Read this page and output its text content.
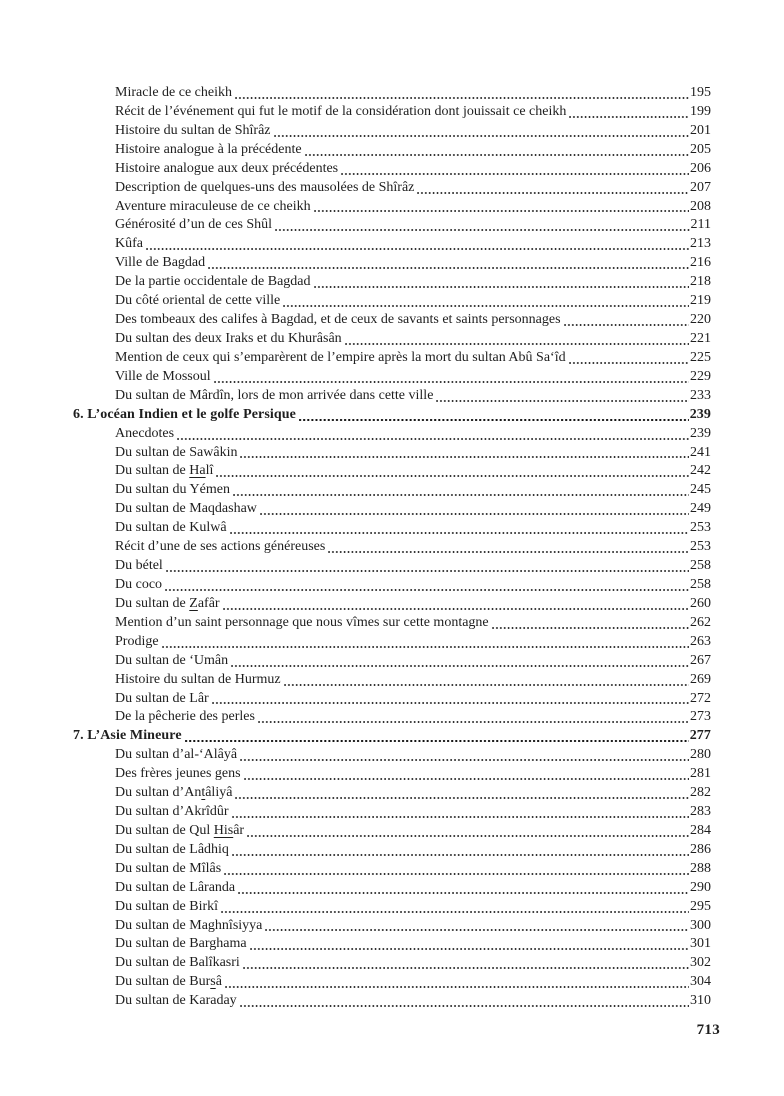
Miracle de ce cheikh	195
Récit de l’événement qui fut le motif de la considération dont jouissait ce cheikh	199
Histoire du sultan de Shîrâz	201
Histoire analogue à la précédente	205
Histoire analogue aux deux précédentes	206
Description de quelques-uns des mausolées de Shîrâz	207
Aventure miraculeuse de ce cheikh	208
Générosité d’un de ces Shûl	211
Kûfa	213
Ville de Bagdad	216
De la partie occidentale de Bagdad	218
Du côté oriental de cette ville	219
Des tombeaux des califes à Bagdad, et de ceux de savants et saints personnages	220
Du sultan des deux Iraks et du Khurâsân	221
Mention de ceux qui s’emparèrent de l’empire après la mort du sultan Abû Sa‘îd	225
Ville de Mossoul	229
Du sultan de Mârdîn, lors de mon arrivée dans cette ville	233
6. L’océan Indien et le golfe Persique	239
Anecdotes	239
Du sultan de Sawâkin	241
Du sultan de Halî	242
Du sultan du Yémen	245
Du sultan de Maqdashaw	249
Du sultan de Kulwâ	253
Récit d’une de ses actions généreuses	253
Du bétel	258
Du coco	258
Du sultan de Zafâr	260
Mention d’un saint personnage que nous vîmes sur cette montagne	262
Prodige	263
Du sultan de ‘Umân	267
Histoire du sultan de Hurmuz	269
Du sultan de Lâr	272
De la pêcherie des perles	273
7. L’Asie Mineure	277
Du sultan d’al-‘Alâyâ	280
Des frères jeunes gens	281
Du sultan d’Antâliyâ	282
Du sultan d’Akrîdûr	283
Du sultan de Qul Hisâr	284
Du sultan de Lâdhiq	286
Du sultan de Mîlâs	288
Du sultan de Lâranda	290
Du sultan de Birkî	295
Du sultan de Maghnîsiyya	300
Du sultan de Barghama	301
Du sultan de Balîkasri	302
Du sultan de Bursâ	304
Du sultan de Karaday	310
713
